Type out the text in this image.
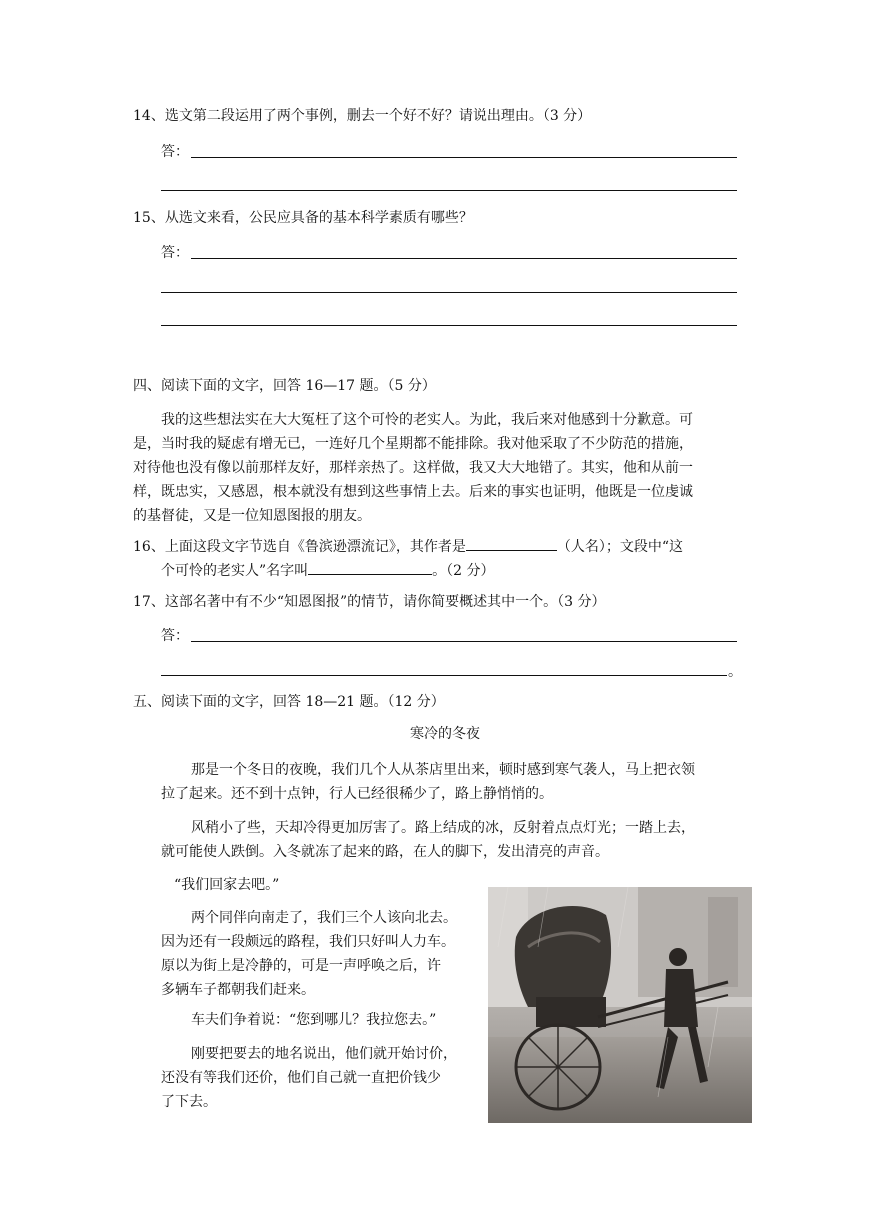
14、选文第二段运用了两个事例，删去一个好不好？请说出理由。（3 分）
答：
15、从选文来看，公民应具备的基本科学素质有哪些？
答：
四、阅读下面的文字，回答 16—17 题。（5 分）
我的这些想法实在大大冤枉了这个可怜的老实人。为此，我后来对他感到十分歉意。可
是，当时我的疑虑有增无已，一连好几个星期都不能排除。我对他采取了不少防范的措施，
对待他也没有像以前那样友好，那样亲热了。这样做，我又大大地错了。其实，他和从前一
样，既忠实，又感恩，根本就没有想到这些事情上去。后来的事实也证明，他既是一位虔诚
的基督徒，又是一位知恩图报的朋友。
16、上面这段文字节选自《鲁滨逊漂流记》，其作者是	（人名）；文段中“这
个可怜的老实人”名字叫	。（2 分）
17、这部名著中有不少“知恩图报”的情节，请你简要概述其中一个。（3 分）
答：
。
五、阅读下面的文字，回答 18—21 题。（12 分）
寒冷的冬夜
那是一个冬日的夜晚，我们几个人从茶店里出来，顿时感到寒气袭人，马上把衣领
拉了起来。还不到十点钟，行人已经很稀少了，路上静悄悄的。
风稍小了些，天却冷得更加厉害了。路上结成的冰，反射着点点灯光；一踏上去，
就可能使人跌倒。入冬就冻了起来的路，在人的脚下，发出清亮的声音。
“我们回家去吧。”
两个同伴向南走了，我们三个人该向北去。
因为还有一段颇远的路程，我们只好叫人力车。
原以为街上是冷静的，可是一声呼唤之后，许
多辆车子都朝我们赶来。
车夫们争着说：“您到哪儿？我拉您去。”
刚要把要去的地名说出，他们就开始讨价，
还没有等我们还价，他们自己就一直把价钱少
了下去。
